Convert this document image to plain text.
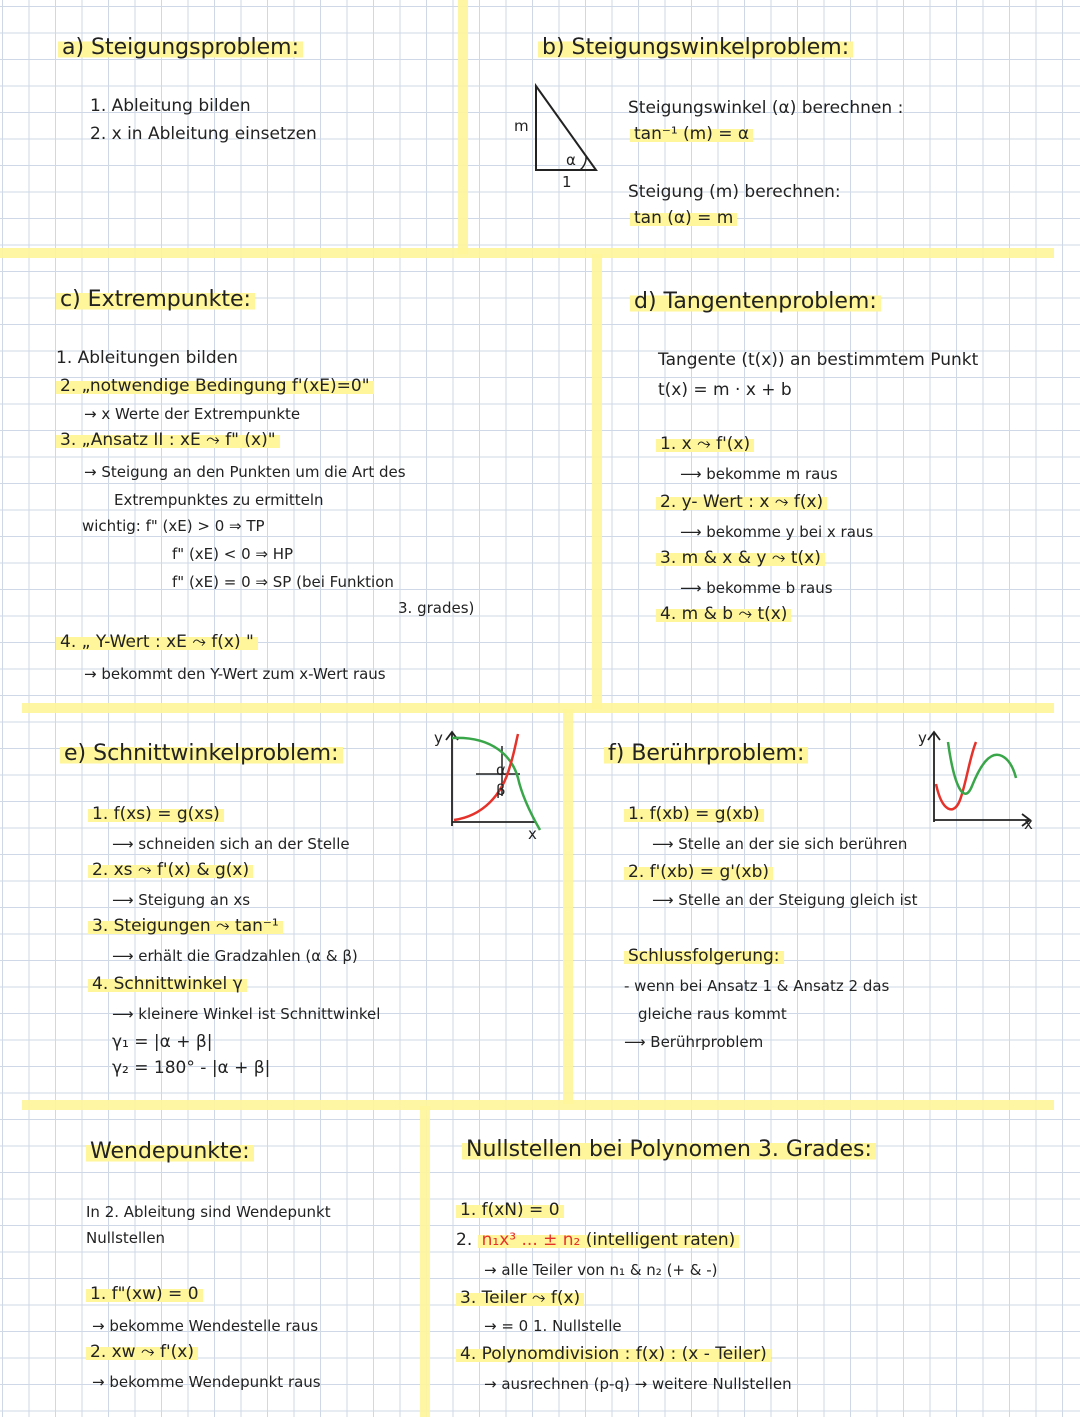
a) Steigungsproblem:
1. Ableitung bilden
2. x in Ableitung einsetzen
b) Steigungswinkelproblem:
m
1
α
Steigungswinkel (α) berechnen :
tan⁻¹ (m) = α
Steigung (m) berechnen:
tan (α) = m
c) Extrempunkte:
1. Ableitungen bilden
2. „notwendige Bedingung f'(xE)=0"
→ x Werte der Extrempunkte
3. „Ansatz II : xE ⤳ f" (x)"
→ Steigung an den Punkten um die Art des
Extrempunktes zu ermitteln
wichtig: f" (xE) > 0 ⇒ TP
f" (xE) < 0 ⇒ HP
f" (xE) = 0 ⇒ SP (bei Funktion
3. grades)
4. „ Y-Wert : xE ⤳ f(x) "
→ bekommt den Y-Wert zum x-Wert raus
d) Tangentenproblem:
Tangente (t(x)) an bestimmtem Punkt
t(x) = m · x + b
1. x ⤳ f'(x)
⟶ bekomme m raus
2. y- Wert : x ⤳ f(x)
⟶ bekomme y bei x raus
3. m & x & y ⤳ t(x)
⟶ bekomme b raus
4. m & b ⤳ t(x)
e) Schnittwinkelproblem:
y
x
α
β
1. f(xs) = g(xs)
⟶ schneiden sich an der Stelle
2. xs ⤳ f'(x) & g(x)
⟶ Steigung an xs
3. Steigungen ⤳ tan⁻¹
⟶ erhält die Gradzahlen (α & β)
4. Schnittwinkel γ
⟶ kleinere Winkel ist Schnittwinkel
γ₁ = |α + β|
γ₂ = 180° - |α + β|
f) Berührproblem:
y
x
1. f(xb) = g(xb)
⟶ Stelle an der sie sich berühren
2. f'(xb) = g'(xb)
⟶ Stelle an der Steigung gleich ist
Schlussfolgerung:
- wenn bei Ansatz 1 & Ansatz 2 das
gleiche raus kommt
⟶ Berührproblem
Wendepunkte:
In 2. Ableitung sind Wendepunkt
Nullstellen
1. f"(xw) = 0
→ bekomme Wendestelle raus
2. xw ⤳ f'(x)
→ bekomme Wendepunkt raus
Nullstellen bei Polynomen 3. Grades:
1. f(xN) = 0
2. n₁x³ ... ± n₂ (intelligent raten)
→ alle Teiler von n₁ & n₂ (+ & -)
3. Teiler ⤳ f(x)
→ = 0 1. Nullstelle
4. Polynomdivision : f(x) : (x - Teiler)
→ ausrechnen (p-q) → weitere Nullstellen
